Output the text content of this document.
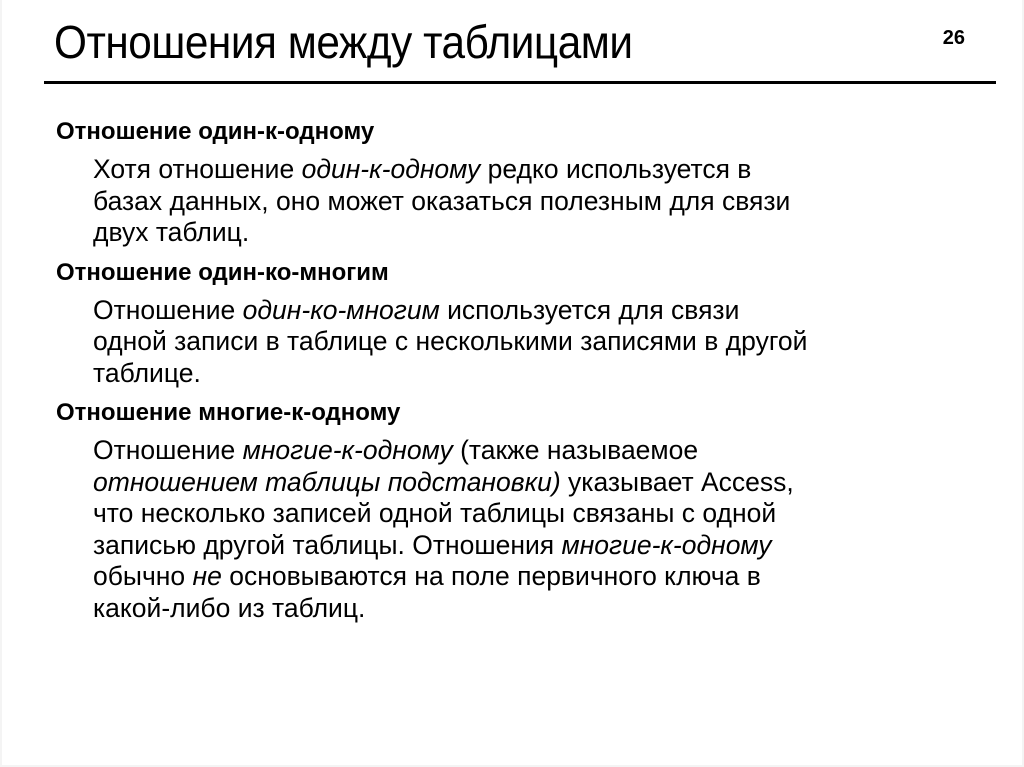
Отношения между таблицами	26
Отношение один-к-одному
Хотя отношение один-к-одному редко используется в
базах данных, оно может оказаться полезным для связи
двух таблиц.
Отношение один-ко-многим
Отношение один-ко-многим используется для связи
одной записи в таблице с несколькими записями в другой
таблице.
Отношение многие-к-одному
Отношение многие-к-одному (также называемое
отношением таблицы подстановки) указывает Access,
что несколько записей одной таблицы связаны с одной
записью другой таблицы. Отношения многие-к-одному
обычно не основываются на поле первичного ключа в
какой-либо из таблиц.
